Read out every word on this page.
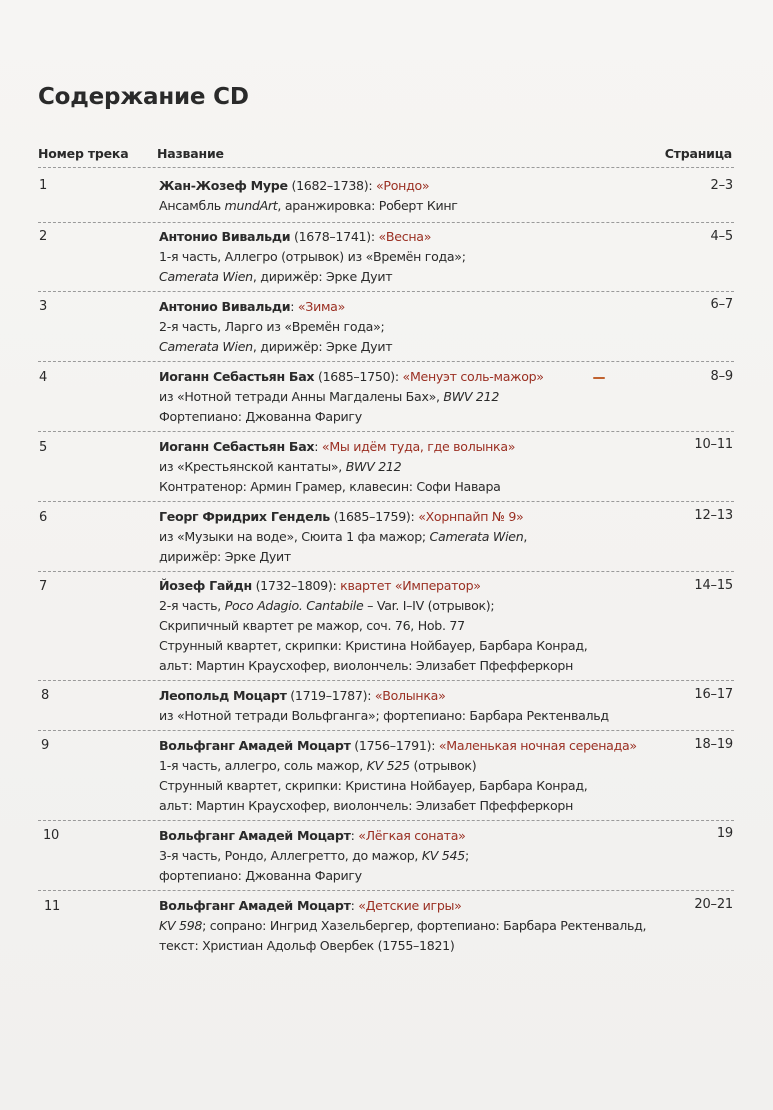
Содержание CD
Номер трека Название	Страница
1	Жан-Жозеф Муре (1682–1738): «Рондо»
Ансамбль mundArt, аранжировка: Роберт Кинг
2–3
2	Антонио Вивальди (1678–1741): «Весна»
1-я часть, Аллегро (отрывок) из «Времён года»;
Camerata Wien, дирижёр: Эрке Дуит
4–5
3	Антонио Вивальди: «Зима»
2-я часть, Ларго из «Времён года»;
Camerata Wien, дирижёр: Эрке Дуит
6–7
4	Иоганн Себастьян Бах (1685–1750): «Менуэт соль-мажор»
из «Нотной тетради Анны Магдалены Бах», BWV 212
Фортепиано: Джованна Фаригу
8–9
5	Иоганн Себастьян Бах: «Мы идём туда, где волынка»
из «Крестьянской кантаты», BWV 212
Контратенор: Армин Грамер, клавесин: Софи Навара
10–11
6	Георг Фридрих Гендель (1685–1759): «Хорнпайп № 9»
из «Музыки на воде», Сюита 1 фа мажор; Camerata Wien,
дирижёр: Эрке Дуит
12–13
7	Йозеф Гайдн (1732–1809): квартет «Император»
2-я часть, Poco Adagio. Cantabile – Var. I–IV (отрывок);
Скрипичный квартет ре мажор, соч. 76, Hob. 77
Струнный квартет, скрипки: Кристина Нойбауер, Барбара Конрад,
альт: Мартин Краусхофер, виолончель: Элизабет Пфефферкорн
14–15
8	Леопольд Моцарт (1719–1787): «Волынка»
из «Нотной тетради Вольфганга»; фортепиано: Барбара Ректенвальд
16–17
9	Вольфганг Амадей Моцарт (1756–1791): «Маленькая ночная серенада»
1-я часть, аллегро, соль мажор, KV 525 (отрывок)
Струнный квартет, скрипки: Кристина Нойбауер, Барбара Конрад,
альт: Мартин Краусхофер, виолончель: Элизабет Пфефферкорн
18–19
10	Вольфганг Амадей Моцарт: «Лёгкая соната»
3-я часть, Рондо, Аллегретто, до мажор, KV 545;
фортепиано: Джованна Фаригу
19
11	Вольфганг Амадей Моцарт: «Детские игры»
KV 598; сопрано: Ингрид Хазельбергер, фортепиано: Барбара Ректенвальд,
текст: Христиан Адольф Овербек (1755–1821)
20–21
